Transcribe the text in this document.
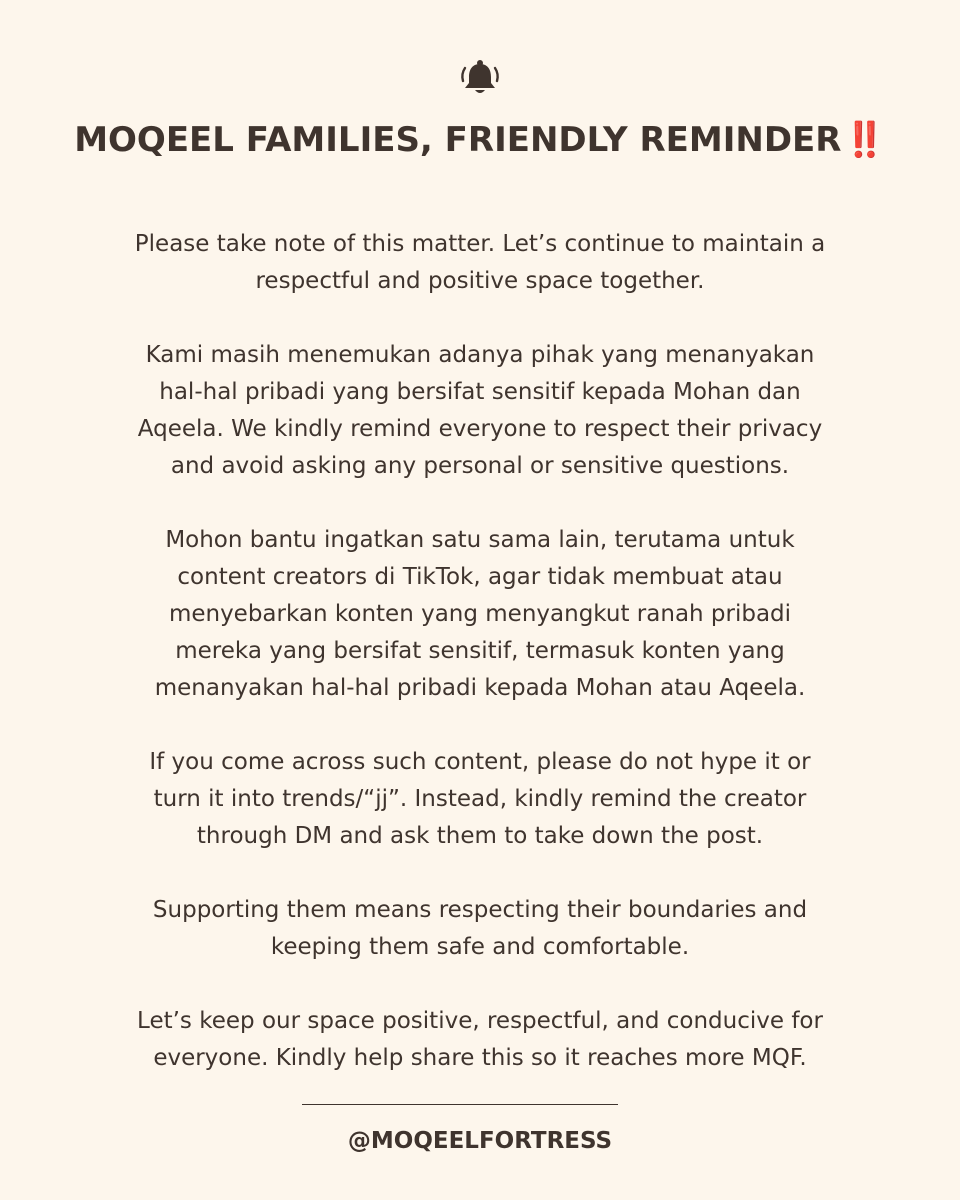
MOQEEL FAMILIES, FRIENDLY REMINDER‼️
Please take note of this matter. Let’s continue to maintain a
respectful and positive space together.
Kami masih menemukan adanya pihak yang menanyakan
hal-hal pribadi yang bersifat sensitif kepada Mohan dan
Aqeela. We kindly remind everyone to respect their privacy
and avoid asking any personal or sensitive questions.
Mohon bantu ingatkan satu sama lain, terutama untuk
content creators di TikTok, agar tidak membuat atau
menyebarkan konten yang menyangkut ranah pribadi
mereka yang bersifat sensitif, termasuk konten yang
menanyakan hal-hal pribadi kepada Mohan atau Aqeela.
If you come across such content, please do not hype it or
turn it into trends/“jj”. Instead, kindly remind the creator
through DM and ask them to take down the post.
Supporting them means respecting their boundaries and
keeping them safe and comfortable.
Let’s keep our space positive, respectful, and conducive for
everyone. Kindly help share this so it reaches more MQF.
@MOQEELFORTRESS
